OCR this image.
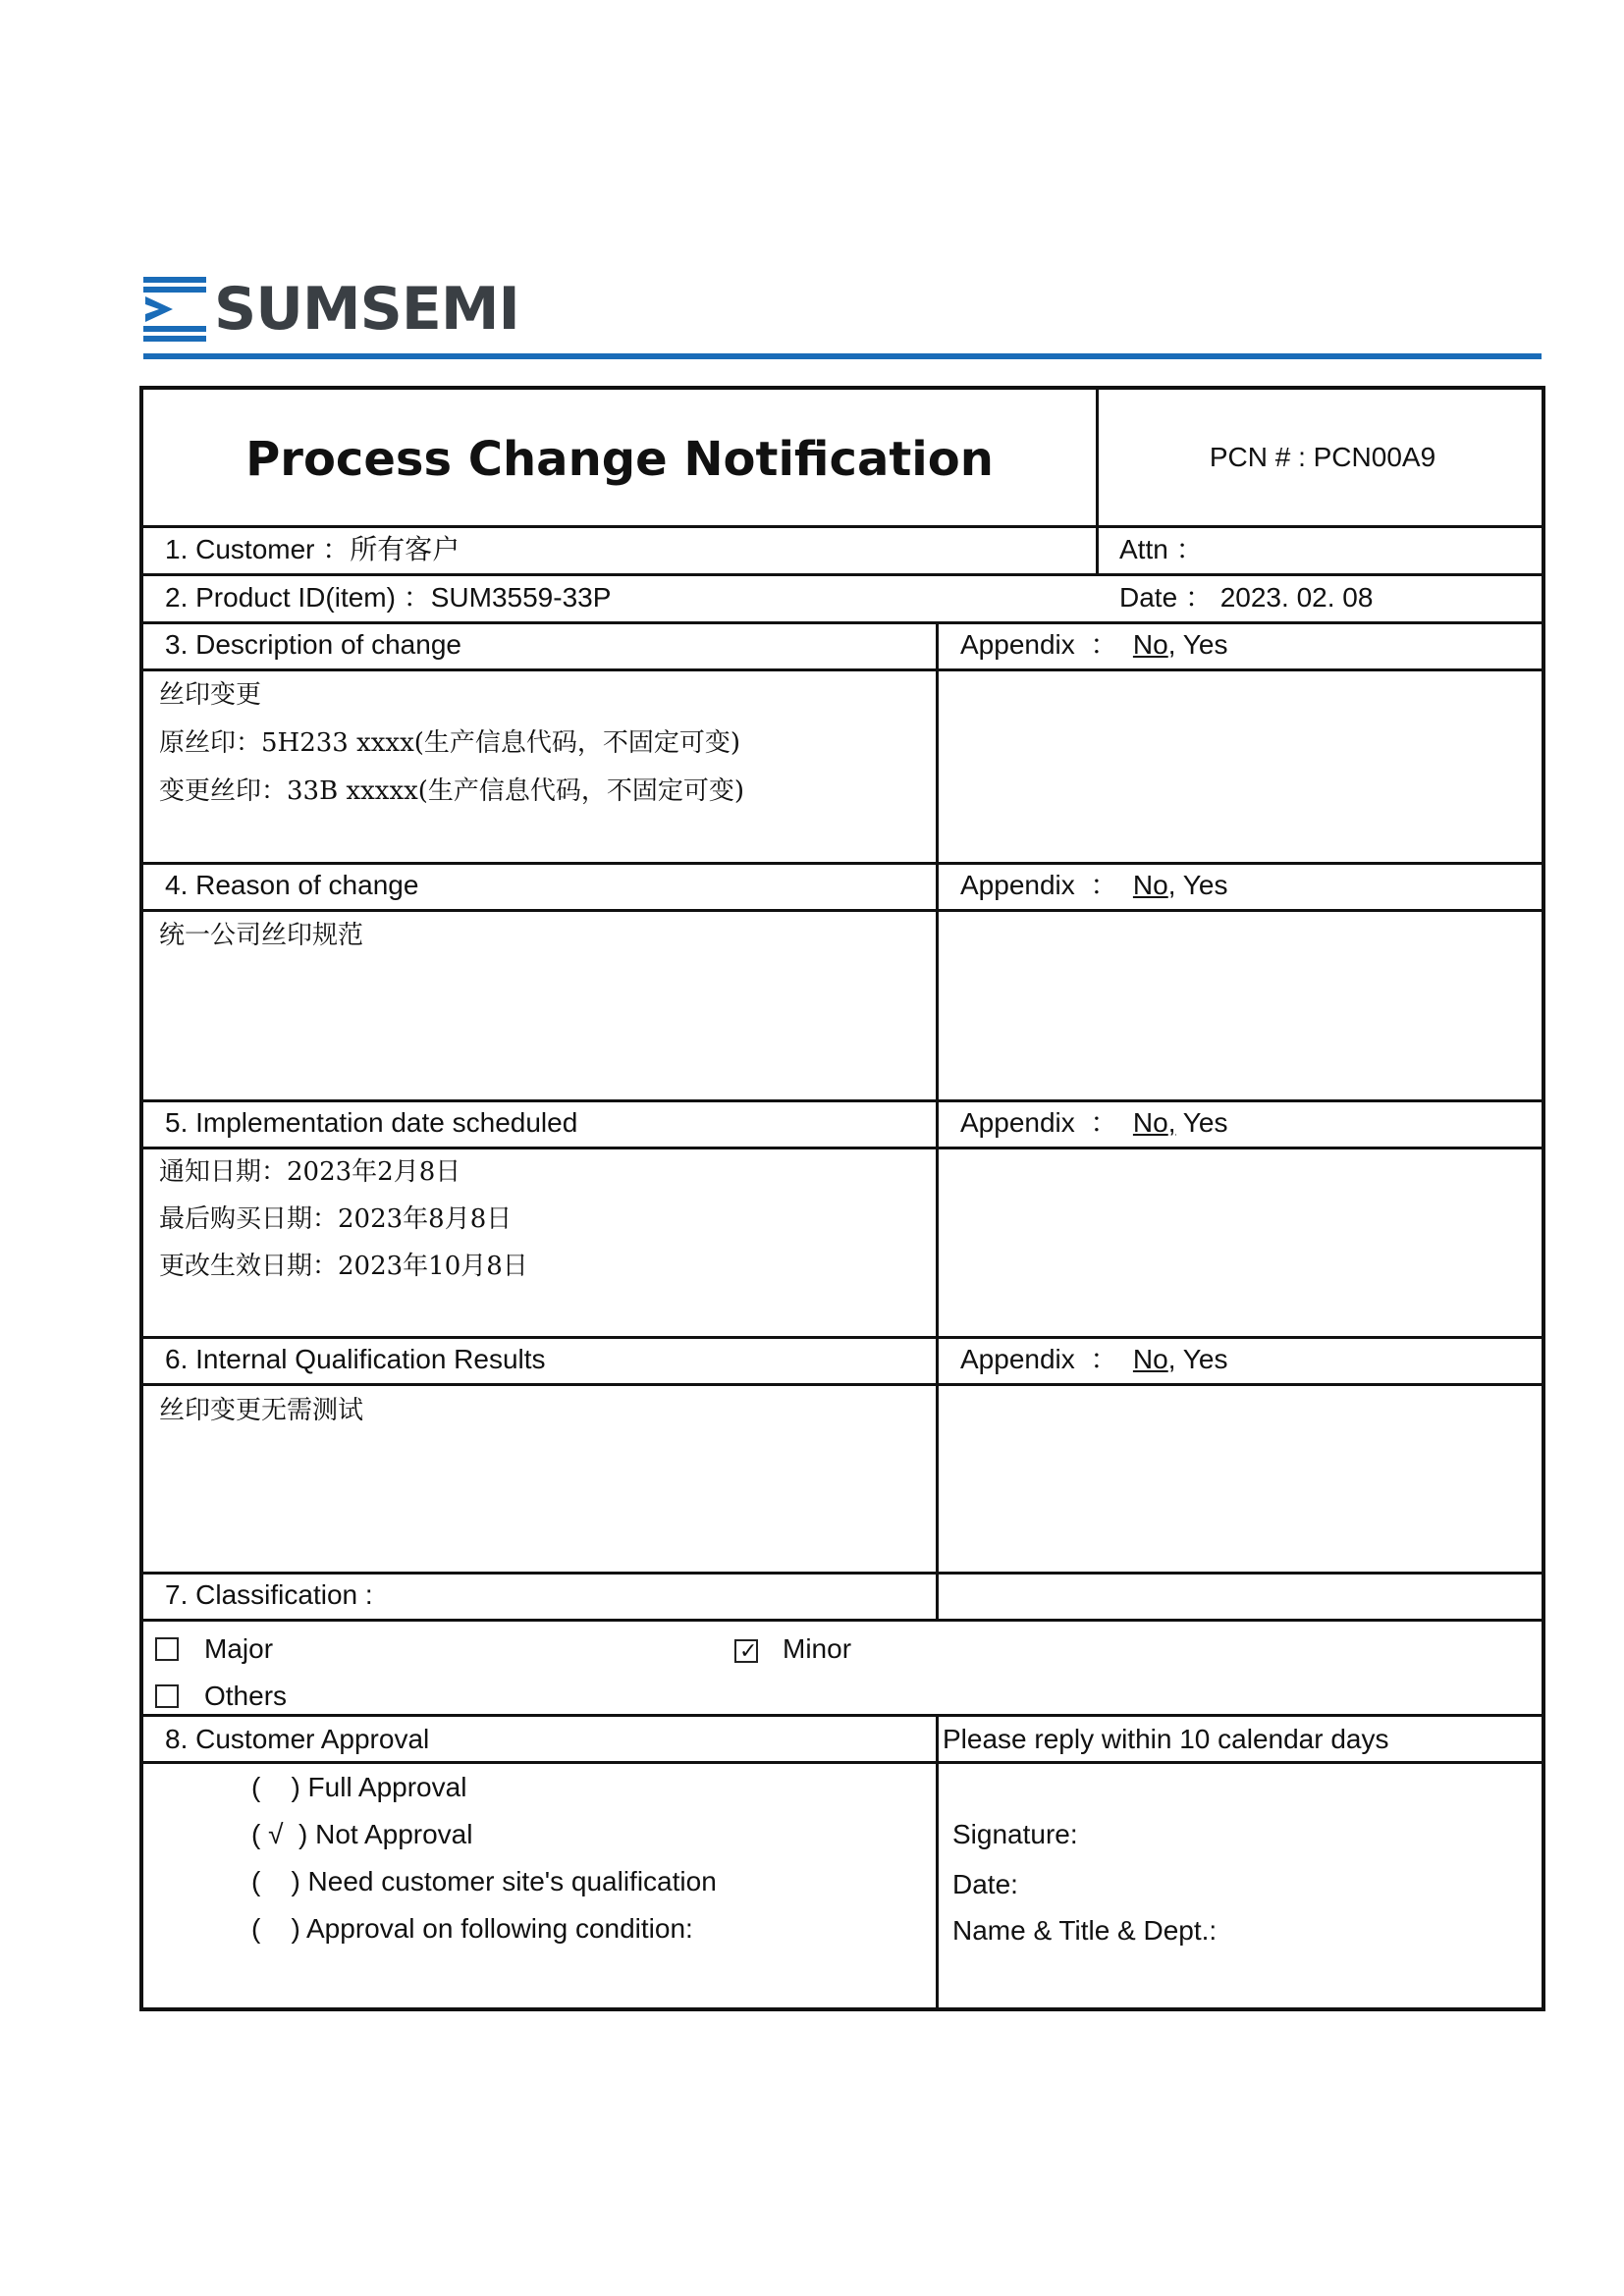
SUMSEMI
Process Change Notification	PCN # : PCN00A9
1. Customer ：所有客户	Attn ：
2. Product ID(item) ：SUM3559-33P	Date ： 2023. 02. 08
3. Description of change	Appendix ： No, Yes
丝印变更
原丝印：5H233 xxxx(生产信息代码，不固定可变)
变更丝印：33B xxxxx(生产信息代码，不固定可变)
4. Reason of change	Appendix ： No, Yes
统一公司丝印规范
5. Implementation date scheduled	Appendix ： No, Yes
通知日期：2023年2月8日
最后购买日期：2023年8月8日
更改生效日期：2023年10月8日
6. Internal Qualification Results	Appendix ： No, Yes
丝印变更无需测试
7. Classification :
Major	✓ Minor
Others
8. Customer Approval	Please reply within 10 calendar days
(    ) Full Approval
( √  ) Not Approval
(    ) Need customer site's qualification
(    ) Approval on following condition:
Signature:
Date:
Name & Title & Dept.:
